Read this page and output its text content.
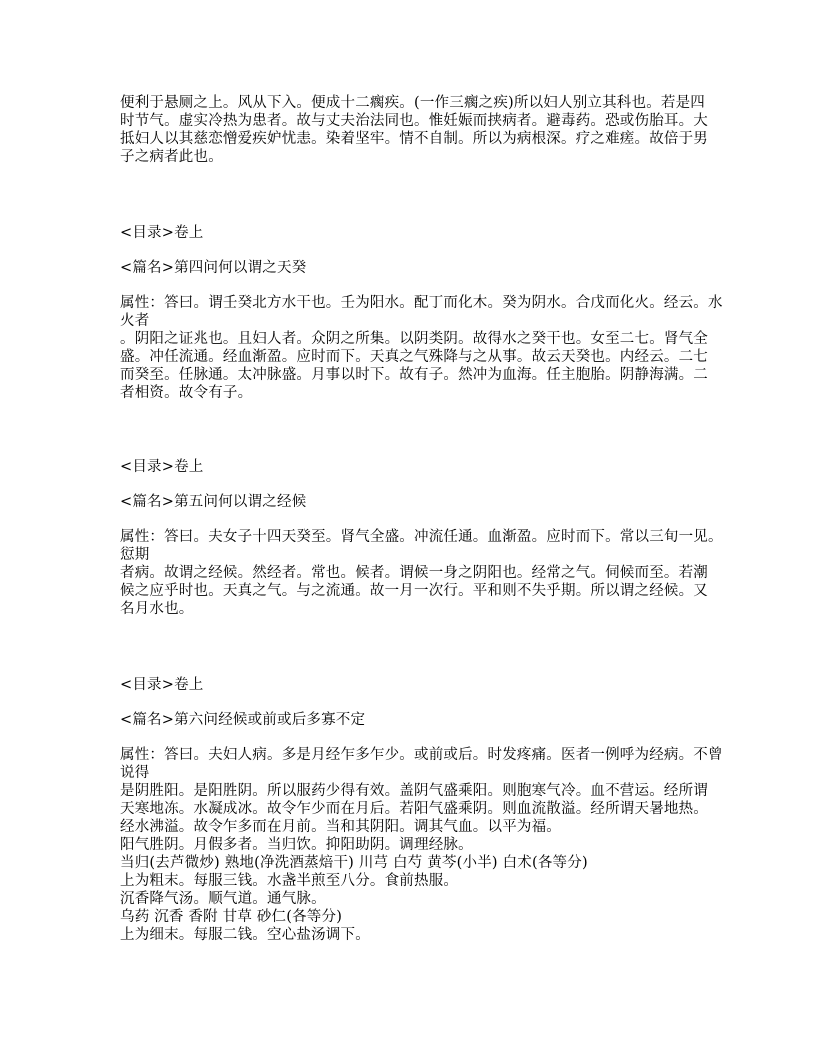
便利于悬厕之上。风从下入。便成十二瘸疾。(一作三瘸之疾)所以妇人别立其科也。若是四
时节气。虚实冷热为患者。故与丈夫治法同也。惟妊娠而挟病者。避毒药。恐或伤胎耳。大
抵妇人以其慈恋憎爱疾妒忧恚。染着坚牢。情不自制。所以为病根深。疗之难瘥。故倍于男
子之病者此也。
<目录>卷上
<篇名>第四问何以谓之天癸
属性：答曰。谓壬癸北方水干也。壬为阳水。配丁而化木。癸为阴水。合戊而化火。经云。水
火者
。阴阳之证兆也。且妇人者。众阴之所集。以阴类阴。故得水之癸干也。女至二七。肾气全
盛。冲任流通。经血渐盈。应时而下。天真之气殊降与之从事。故云天癸也。内经云。二七
而癸至。任脉通。太冲脉盛。月事以时下。故有子。然冲为血海。任主胞胎。阴静海满。二
者相资。故令有子。
<目录>卷上
<篇名>第五问何以谓之经候
属性：答曰。夫女子十四天癸至。肾气全盛。冲流任通。血渐盈。应时而下。常以三旬一见。
愆期
者病。故谓之经候。然经者。常也。候者。谓候一身之阴阳也。经常之气。伺候而至。若潮
候之应乎时也。天真之气。与之流通。故一月一次行。平和则不失乎期。所以谓之经候。又
名月水也。
<目录>卷上
<篇名>第六问经候或前或后多寡不定
属性：答曰。夫妇人病。多是月经乍多乍少。或前或后。时发疼痛。医者一例呼为经病。不曾
说得
是阴胜阳。是阳胜阴。所以服药少得有效。盖阴气盛乘阳。则胞寒气冷。血不营运。经所谓
天寒地冻。水凝成冰。故令乍少而在月后。若阳气盛乘阴。则血流散溢。经所谓天暑地热。
经水沸溢。故令乍多而在月前。当和其阴阳。调其气血。以平为福。
阳气胜阴。月假多者。当归饮。抑阳助阴。调理经脉。
当归(去芦微炒) 熟地(净洗酒蒸焙干) 川芎 白芍 黄芩(小半) 白术(各等分)
上为粗末。每服三钱。水盏半煎至八分。食前热服。
沉香降气汤。顺气道。通气脉。
乌药 沉香 香附 甘草 砂仁(各等分)
上为细末。每服二钱。空心盐汤调下。
